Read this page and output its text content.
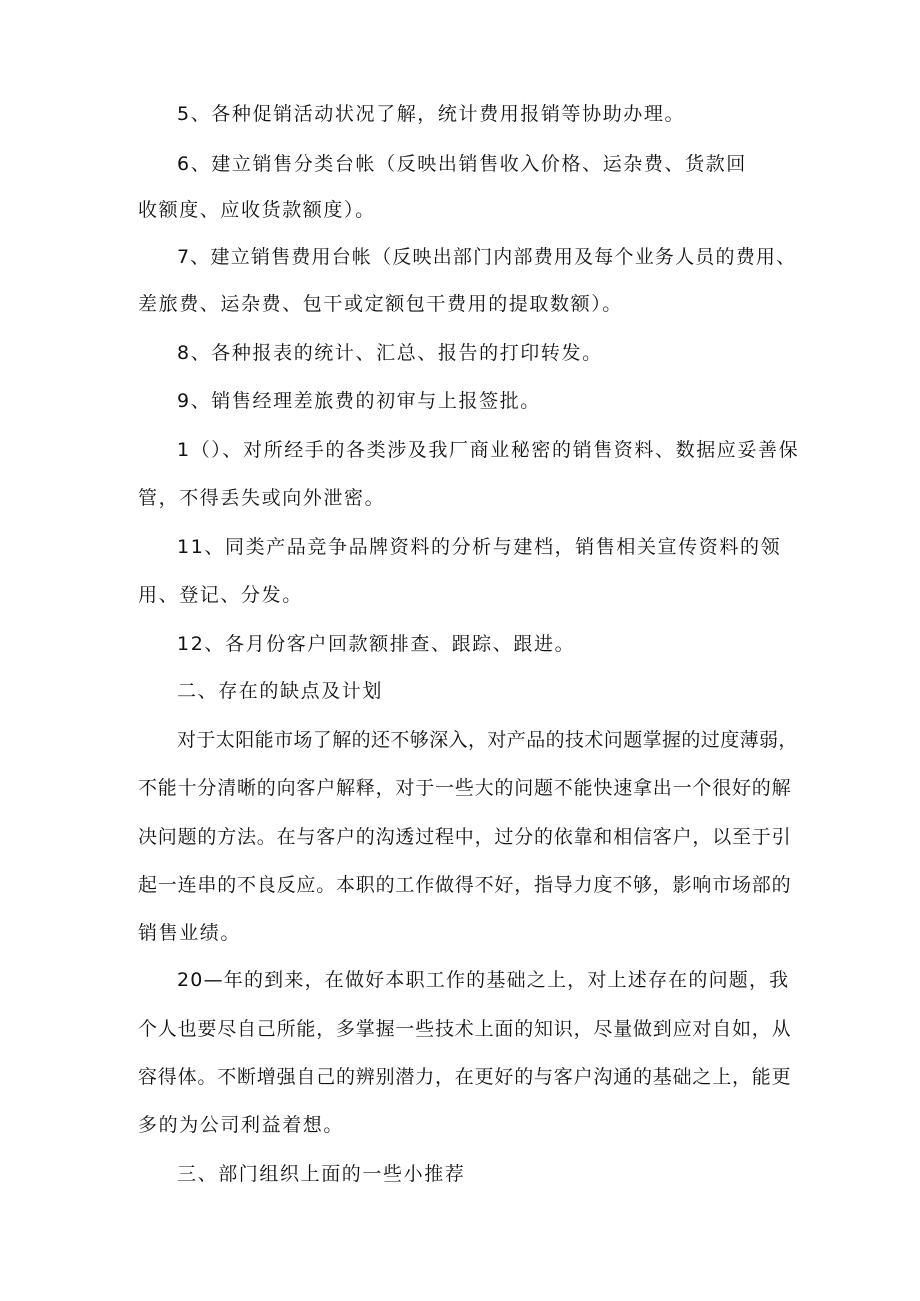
5、各种促销活动状况了解，统计费用报销等协助办理。
6、建立销售分类台帐（反映出销售收入价格、运杂费、货款回
收额度、应收货款额度）。
7、建立销售费用台帐（反映出部门内部费用及每个业务人员的费用、
差旅费、运杂费、包干或定额包干费用的提取数额）。
8、各种报表的统计、汇总、报告的打印转发。
9、销售经理差旅费的初审与上报签批。
1（）、对所经手的各类涉及我厂商业秘密的销售资料、数据应妥善保
管，不得丢失或向外泄密。
11、同类产品竞争品牌资料的分析与建档，销售相关宣传资料的领
用、登记、分发。
12、各月份客户回款额排查、跟踪、跟进。
二、存在的缺点及计划
对于太阳能市场了解的还不够深入，对产品的技术问题掌握的过度薄弱，
不能十分清晰的向客户解释，对于一些大的问题不能快速拿出一个很好的解
决问题的方法。在与客户的沟透过程中，过分的依靠和相信客户，以至于引
起一连串的不良反应。本职的工作做得不好，指导力度不够，影响市场部的
销售业绩。
20—年的到来，在做好本职工作的基础之上，对上述存在的问题，我
个人也要尽自己所能，多掌握一些技术上面的知识，尽量做到应对自如，从
容得体。不断增强自己的辨别潜力，在更好的与客户沟通的基础之上，能更
多的为公司利益着想。
三、部门组织上面的一些小推荐
